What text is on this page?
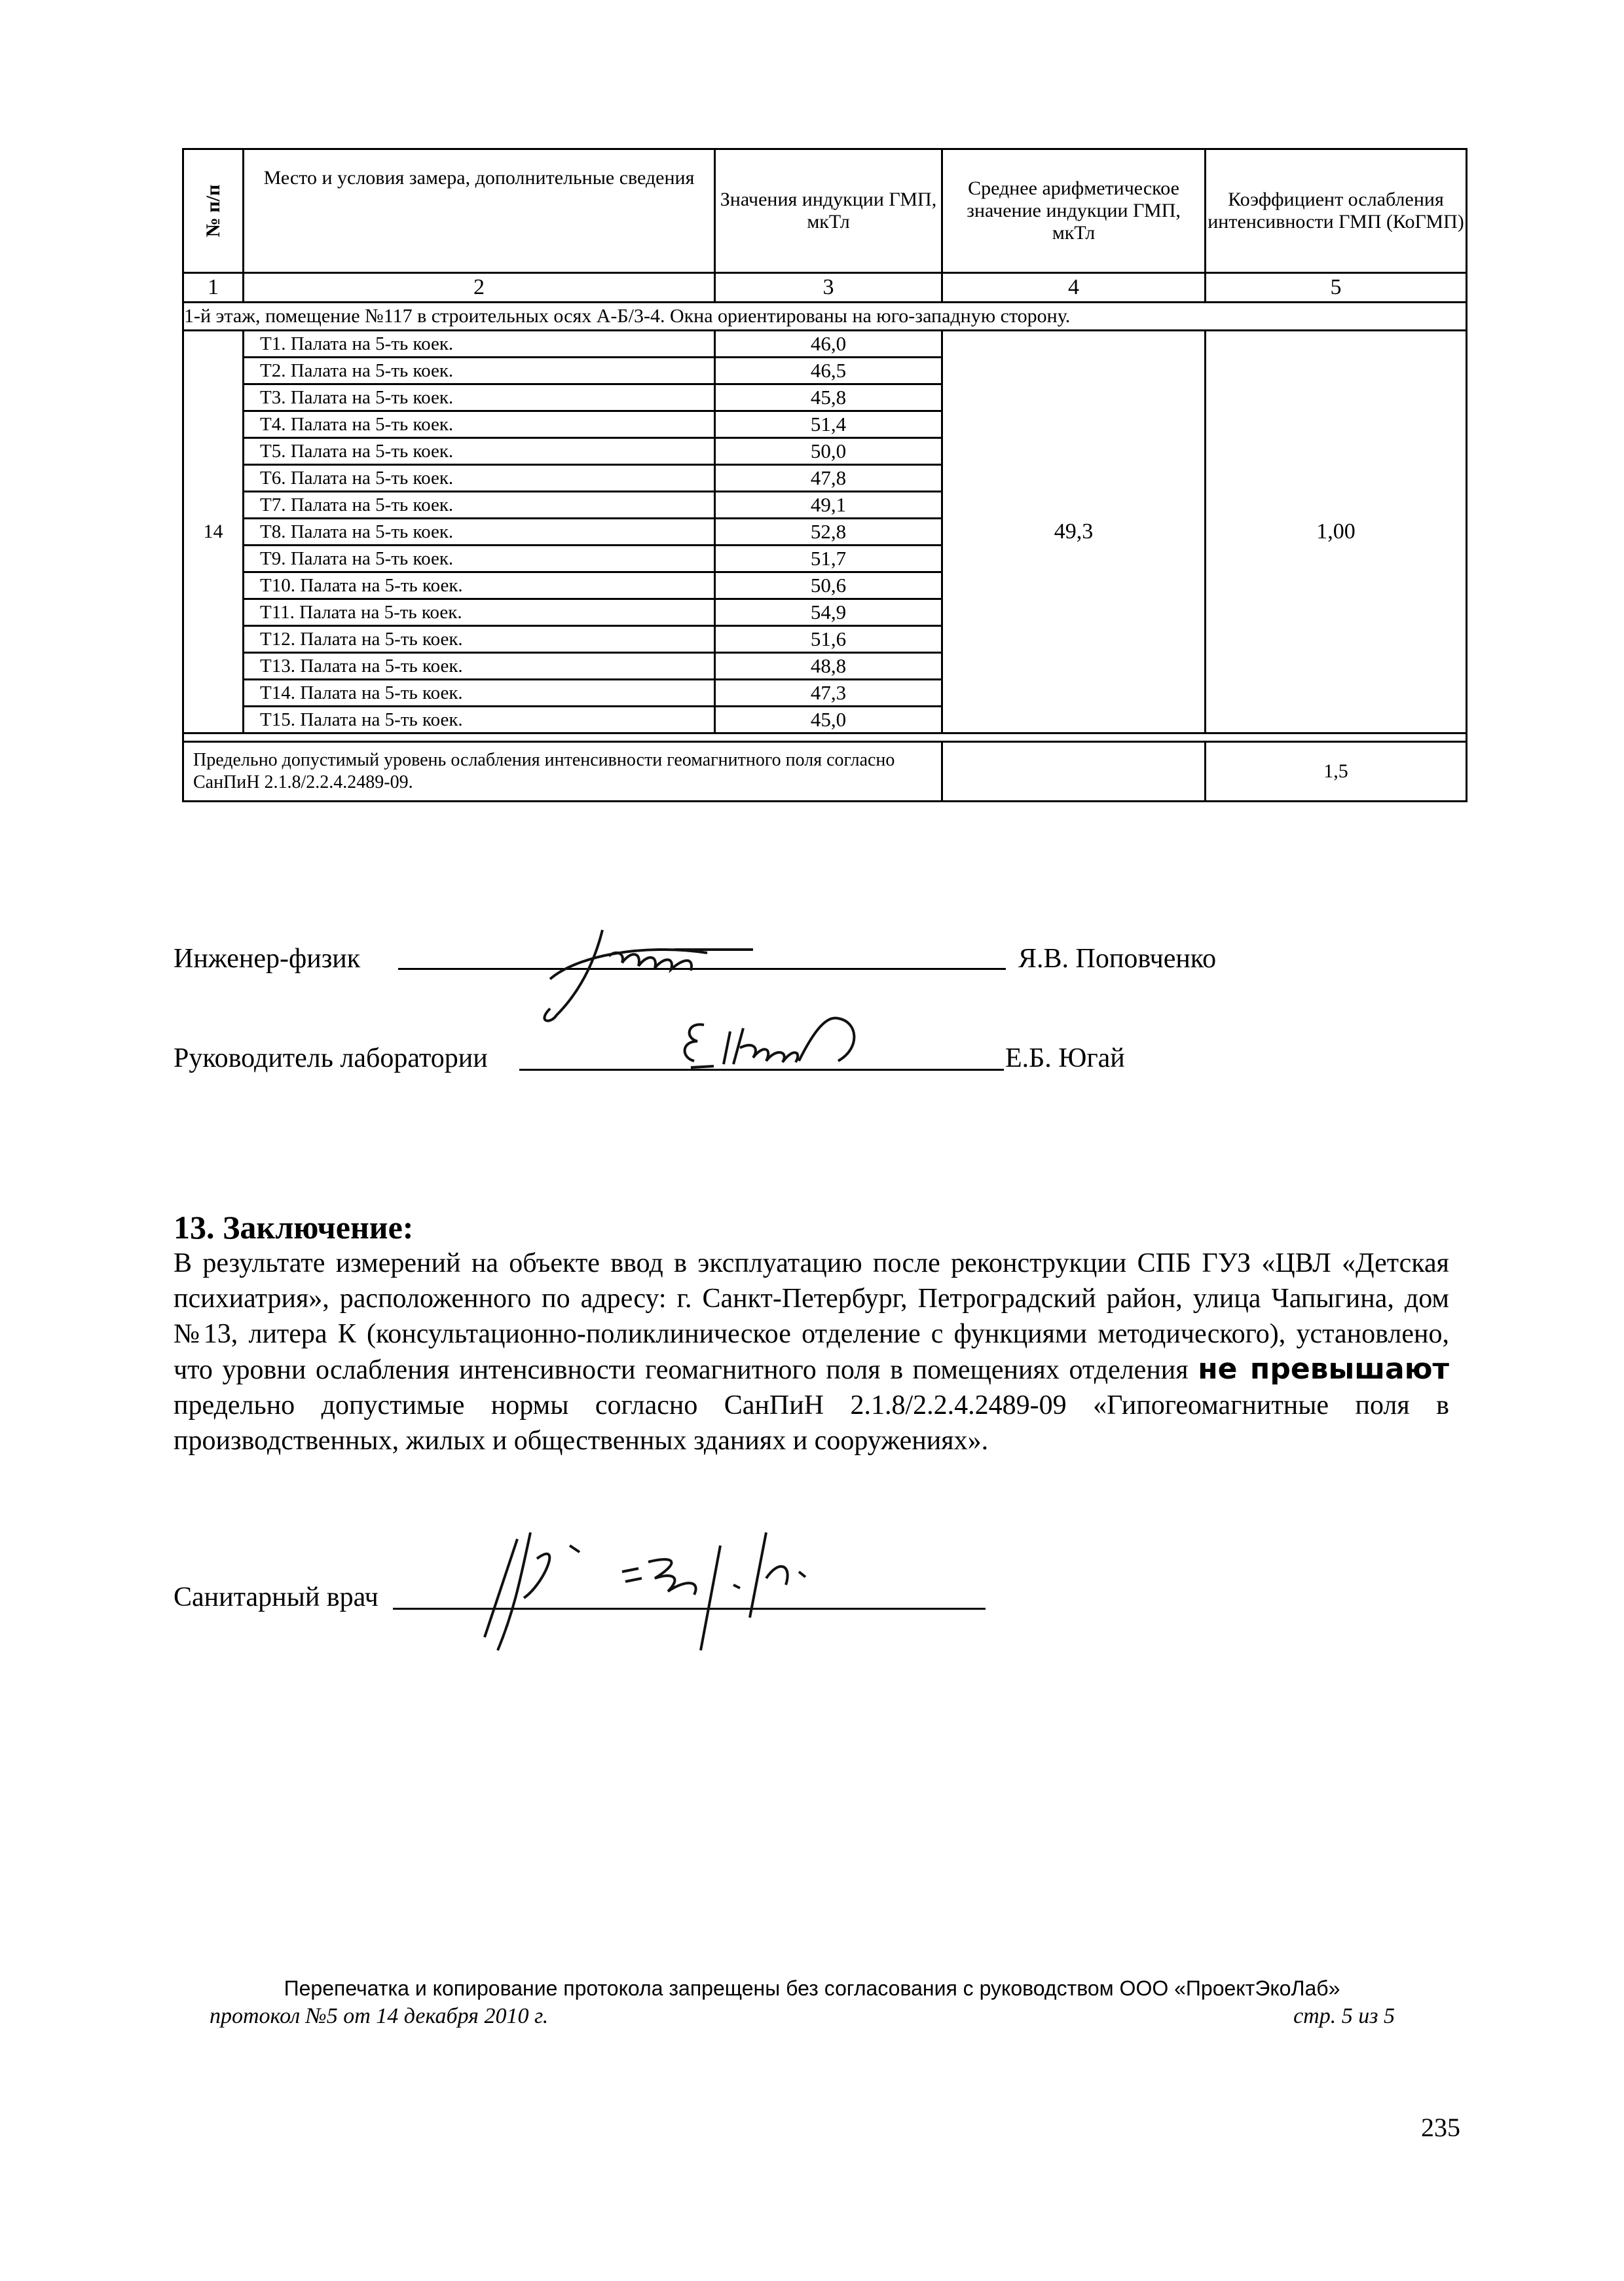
№ п/п	Место и условия замера, дополнительные сведения	Значения индукции ГМП, мкТл	Среднее арифметическое значение индукции ГМП, мкТл	Коэффициент ослабления интенсивности ГМП (КоГМП)
1	2	3	4	5
1-й этаж, помещение №117 в строительных осях А-Б/3-4. Окна ориентированы на юго-западную сторону.				
14	Т1. Палата на 5-ть коек.	46,0	49,3	1,00
	Т2. Палата на 5-ть коек.	46,5		
	Т3. Палата на 5-ть коек.	45,8		
	Т4. Палата на 5-ть коек.	51,4		
	Т5. Палата на 5-ть коек.	50,0		
	Т6. Палата на 5-ть коек.	47,8		
	Т7. Палата на 5-ть коек.	49,1		
	Т8. Палата на 5-ть коек.	52,8		
	Т9. Палата на 5-ть коек.	51,7		
	Т10. Палата на 5-ть коек.	50,6		
	Т11. Палата на 5-ть коек.	54,9		
	Т12. Палата на 5-ть коек.	51,6		
	Т13. Палата на 5-ть коек.	48,8		
	Т14. Палата на 5-ть коек.	47,3		
	Т15. Палата на 5-ть коек.	45,0		

Предельно допустимый уровень ослабления интенсивности геомагнитного поля согласно СанПиН 2.1.8/2.2.4.2489-09.				1,5
Инженер-физик	Я.В. Поповченко
Руководитель лаборатории	Е.Б. Югай
13. Заключение:
В результате измерений на объекте ввод в эксплуатацию после реконструкции СПБ ГУЗ «ЦВЛ «Детская психиатрия», расположенного по адресу: г. Санкт-Петербург, Петроградский район, улица Чапыгина, дом №13, литера К (консультационно-поликлиническое отделение с функциями методического), установлено, что уровни ослабления интенсивности геомагнитного поля в помещениях отделения не превышают предельно допустимые нормы согласно СанПиН 2.1.8/2.2.4.2489-09 «Гипогеомагнитные поля в производственных, жилых и общественных зданиях и сооружениях».
Санитарный врач
Перепечатка и копирование протокола запрещены без согласования с руководством ООО «ПроектЭкоЛаб»
протокол №5 от 14 декабря 2010 г.	стр. 5 из 5
235
